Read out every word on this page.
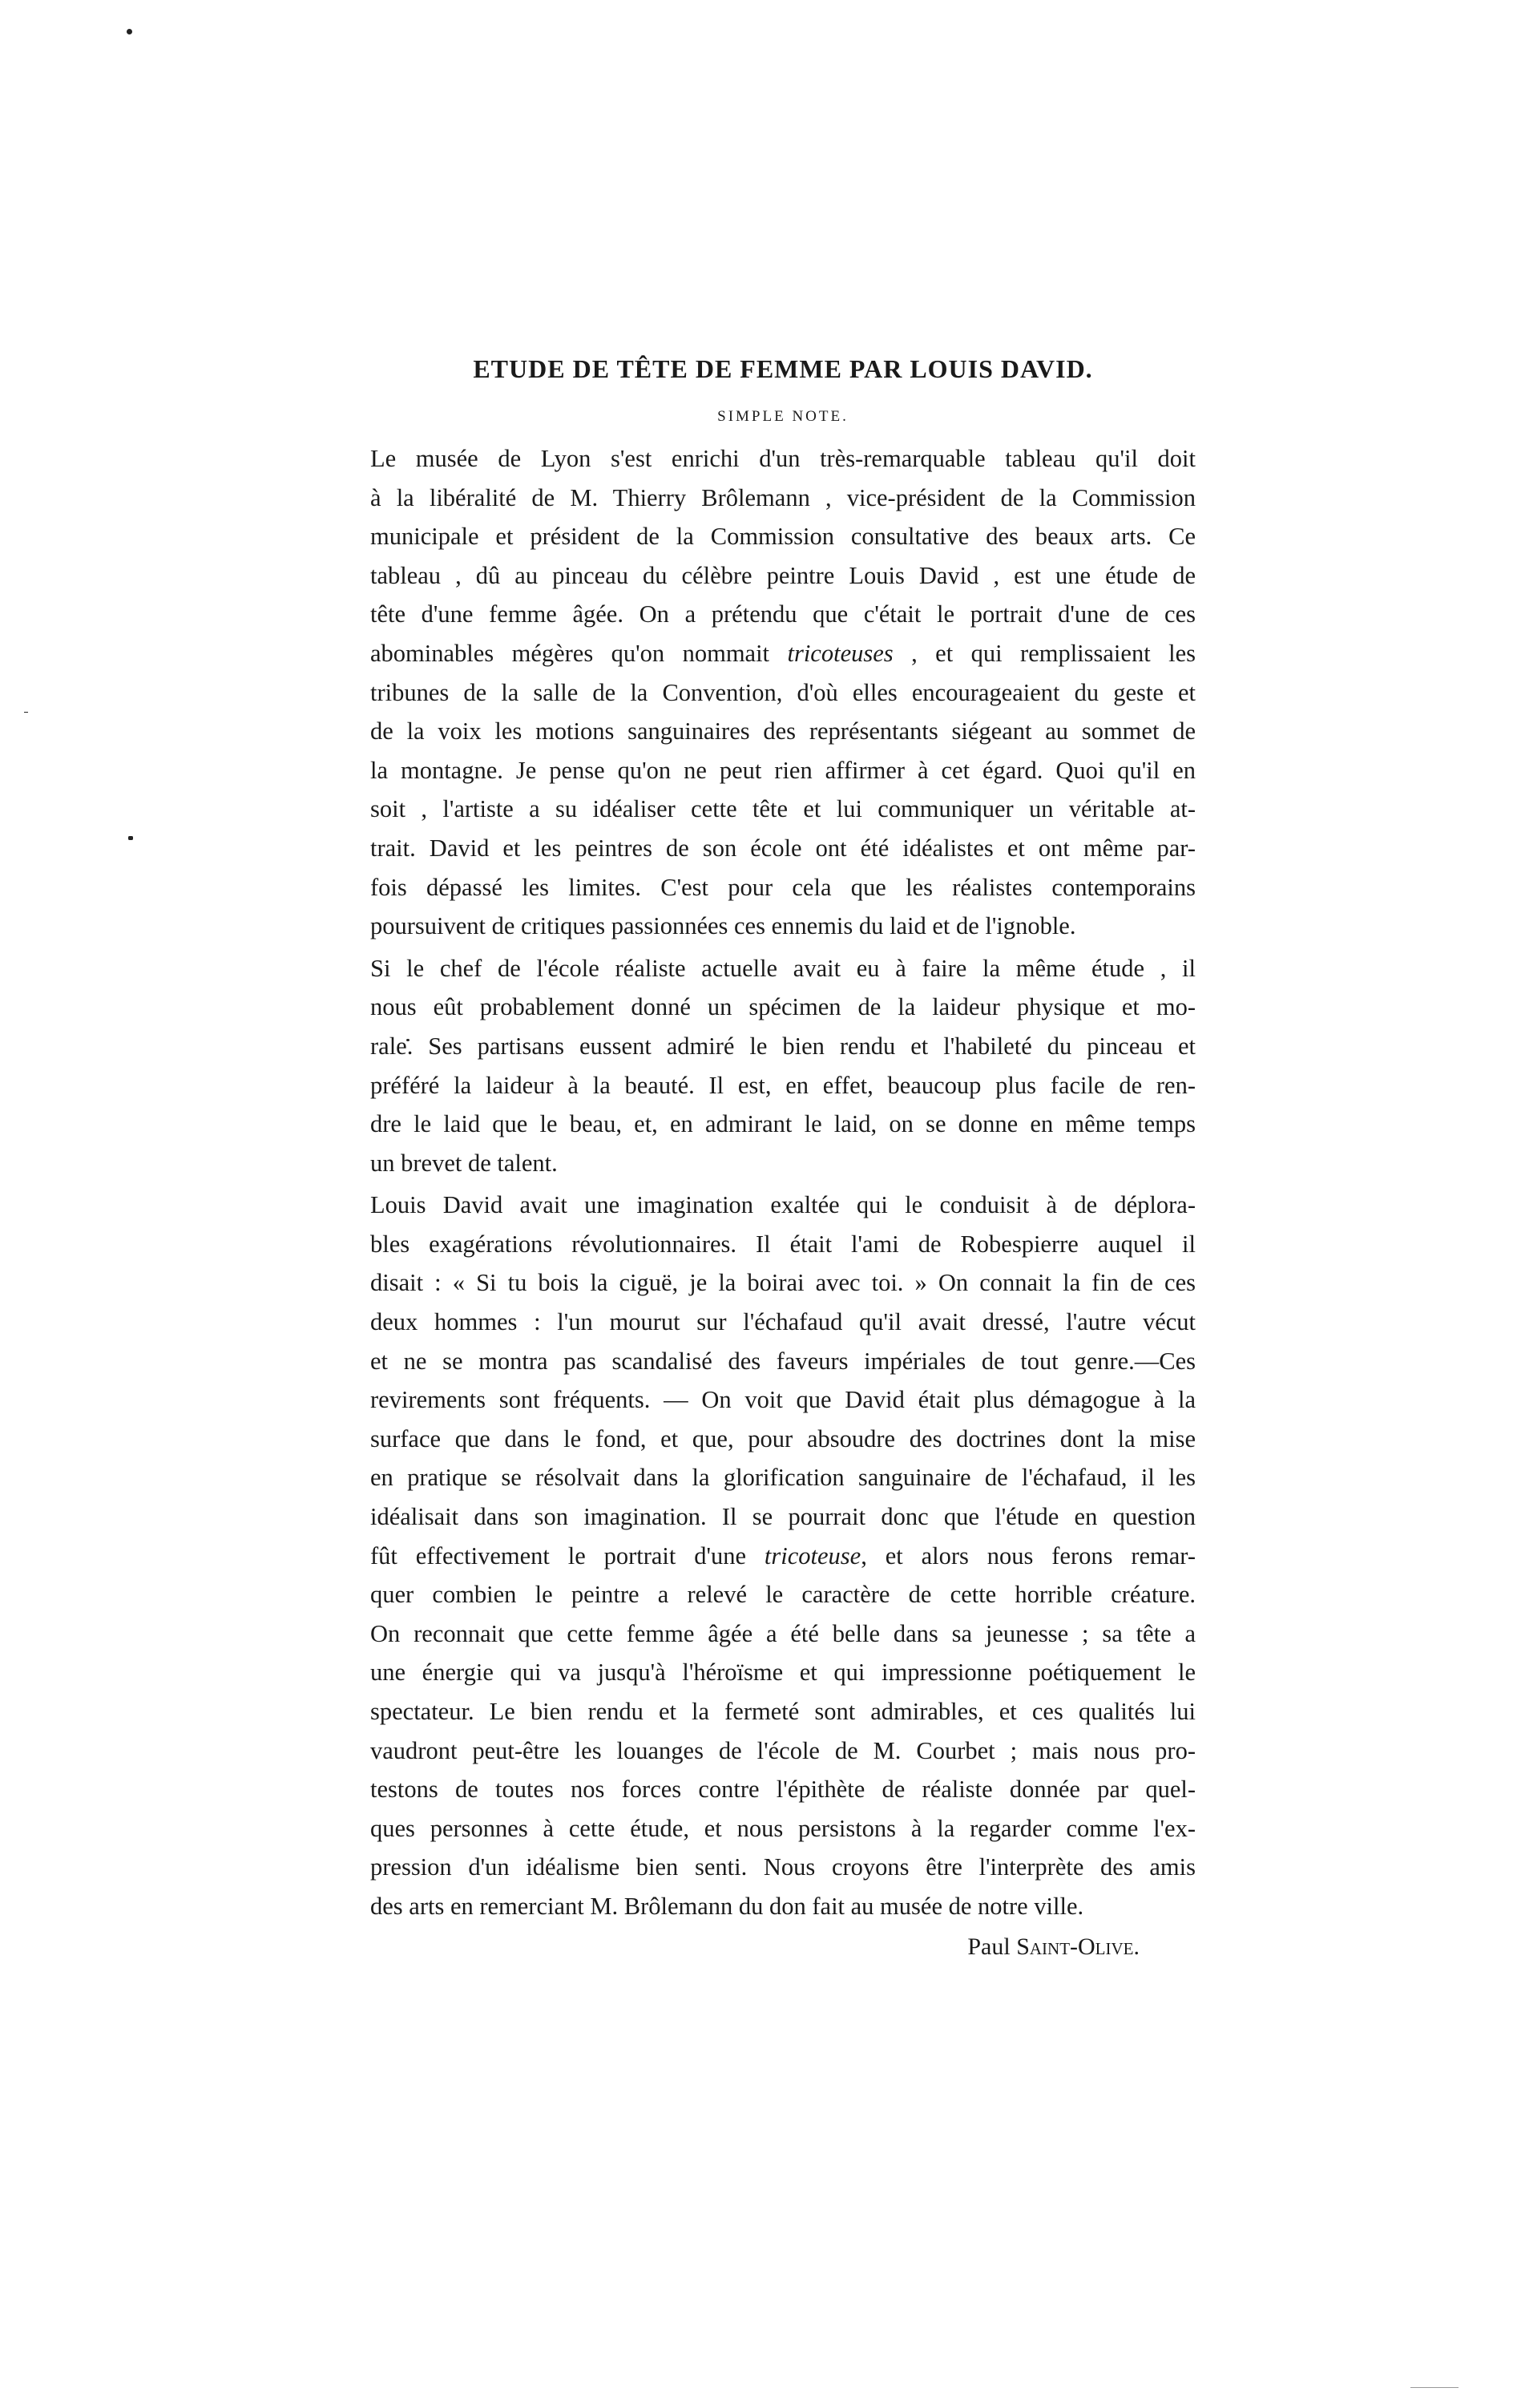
ETUDE DE TÊTE DE FEMME PAR LOUIS DAVID.
SIMPLE NOTE.
Le musée de Lyon s'est enrichi d'un très-remarquable tableau qu'il doit
à la libéralité de M. Thierry Brôlemann , vice-président de la Commission
municipale et président de la Commission consultative des beaux arts. Ce
tableau , dû au pinceau du célèbre peintre Louis David , est une étude de
tête d'une femme âgée. On a prétendu que c'était le portrait d'une de ces
abominables mégères qu'on nommait tricoteuses , et qui remplissaient les
tribunes de la salle de la Convention, d'où elles encourageaient du geste et
de la voix les motions sanguinaires des représentants siégeant au sommet de
la montagne. Je pense qu'on ne peut rien affirmer à cet égard. Quoi qu'il en
soit , l'artiste a su idéaliser cette tête et lui communiquer un véritable at-
trait. David et les peintres de son école ont été idéalistes et ont même par-
fois dépassé les limites. C'est pour cela que les réalistes contemporains
poursuivent de critiques passionnées ces ennemis du laid et de l'ignoble.
Si le chef de l'école réaliste actuelle avait eu à faire la même étude , il
nous eût probablement donné un spécimen de la laideur physique et mo-
rale. Ses partisans eussent admiré le bien rendu et l'habileté du pinceau et
préféré la laideur à la beauté. Il est, en effet, beaucoup plus facile de ren-
dre le laid que le beau, et, en admirant le laid, on se donne en même temps
un brevet de talent.
Louis David avait une imagination exaltée qui le conduisit à de déplora-
bles exagérations révolutionnaires. Il était l'ami de Robespierre auquel il
disait : « Si tu bois la ciguë, je la boirai avec toi. » On connait la fin de ces
deux hommes : l'un mourut sur l'échafaud qu'il avait dressé, l'autre vécut
et ne se montra pas scandalisé des faveurs impériales de tout genre.—Ces
revirements sont fréquents. — On voit que David était plus démagogue à la
surface que dans le fond, et que, pour absoudre des doctrines dont la mise
en pratique se résolvait dans la glorification sanguinaire de l'échafaud, il les
idéalisait dans son imagination. Il se pourrait donc que l'étude en question
fût effectivement le portrait d'une tricoteuse, et alors nous ferons remar-
quer combien le peintre a relevé le caractère de cette horrible créature.
On reconnait que cette femme âgée a été belle dans sa jeunesse ; sa tête a
une énergie qui va jusqu'à l'héroïsme et qui impressionne poétiquement le
spectateur. Le bien rendu et la fermeté sont admirables, et ces qualités lui
vaudront peut-être les louanges de l'école de M. Courbet ; mais nous pro-
testons de toutes nos forces contre l'épithète de réaliste donnée par quel-
ques personnes à cette étude, et nous persistons à la regarder comme l'ex-
pression d'un idéalisme bien senti. Nous croyons être l'interprète des amis
des arts en remerciant M. Brôlemann du don fait au musée de notre ville.
Paul Saint-Olive.
